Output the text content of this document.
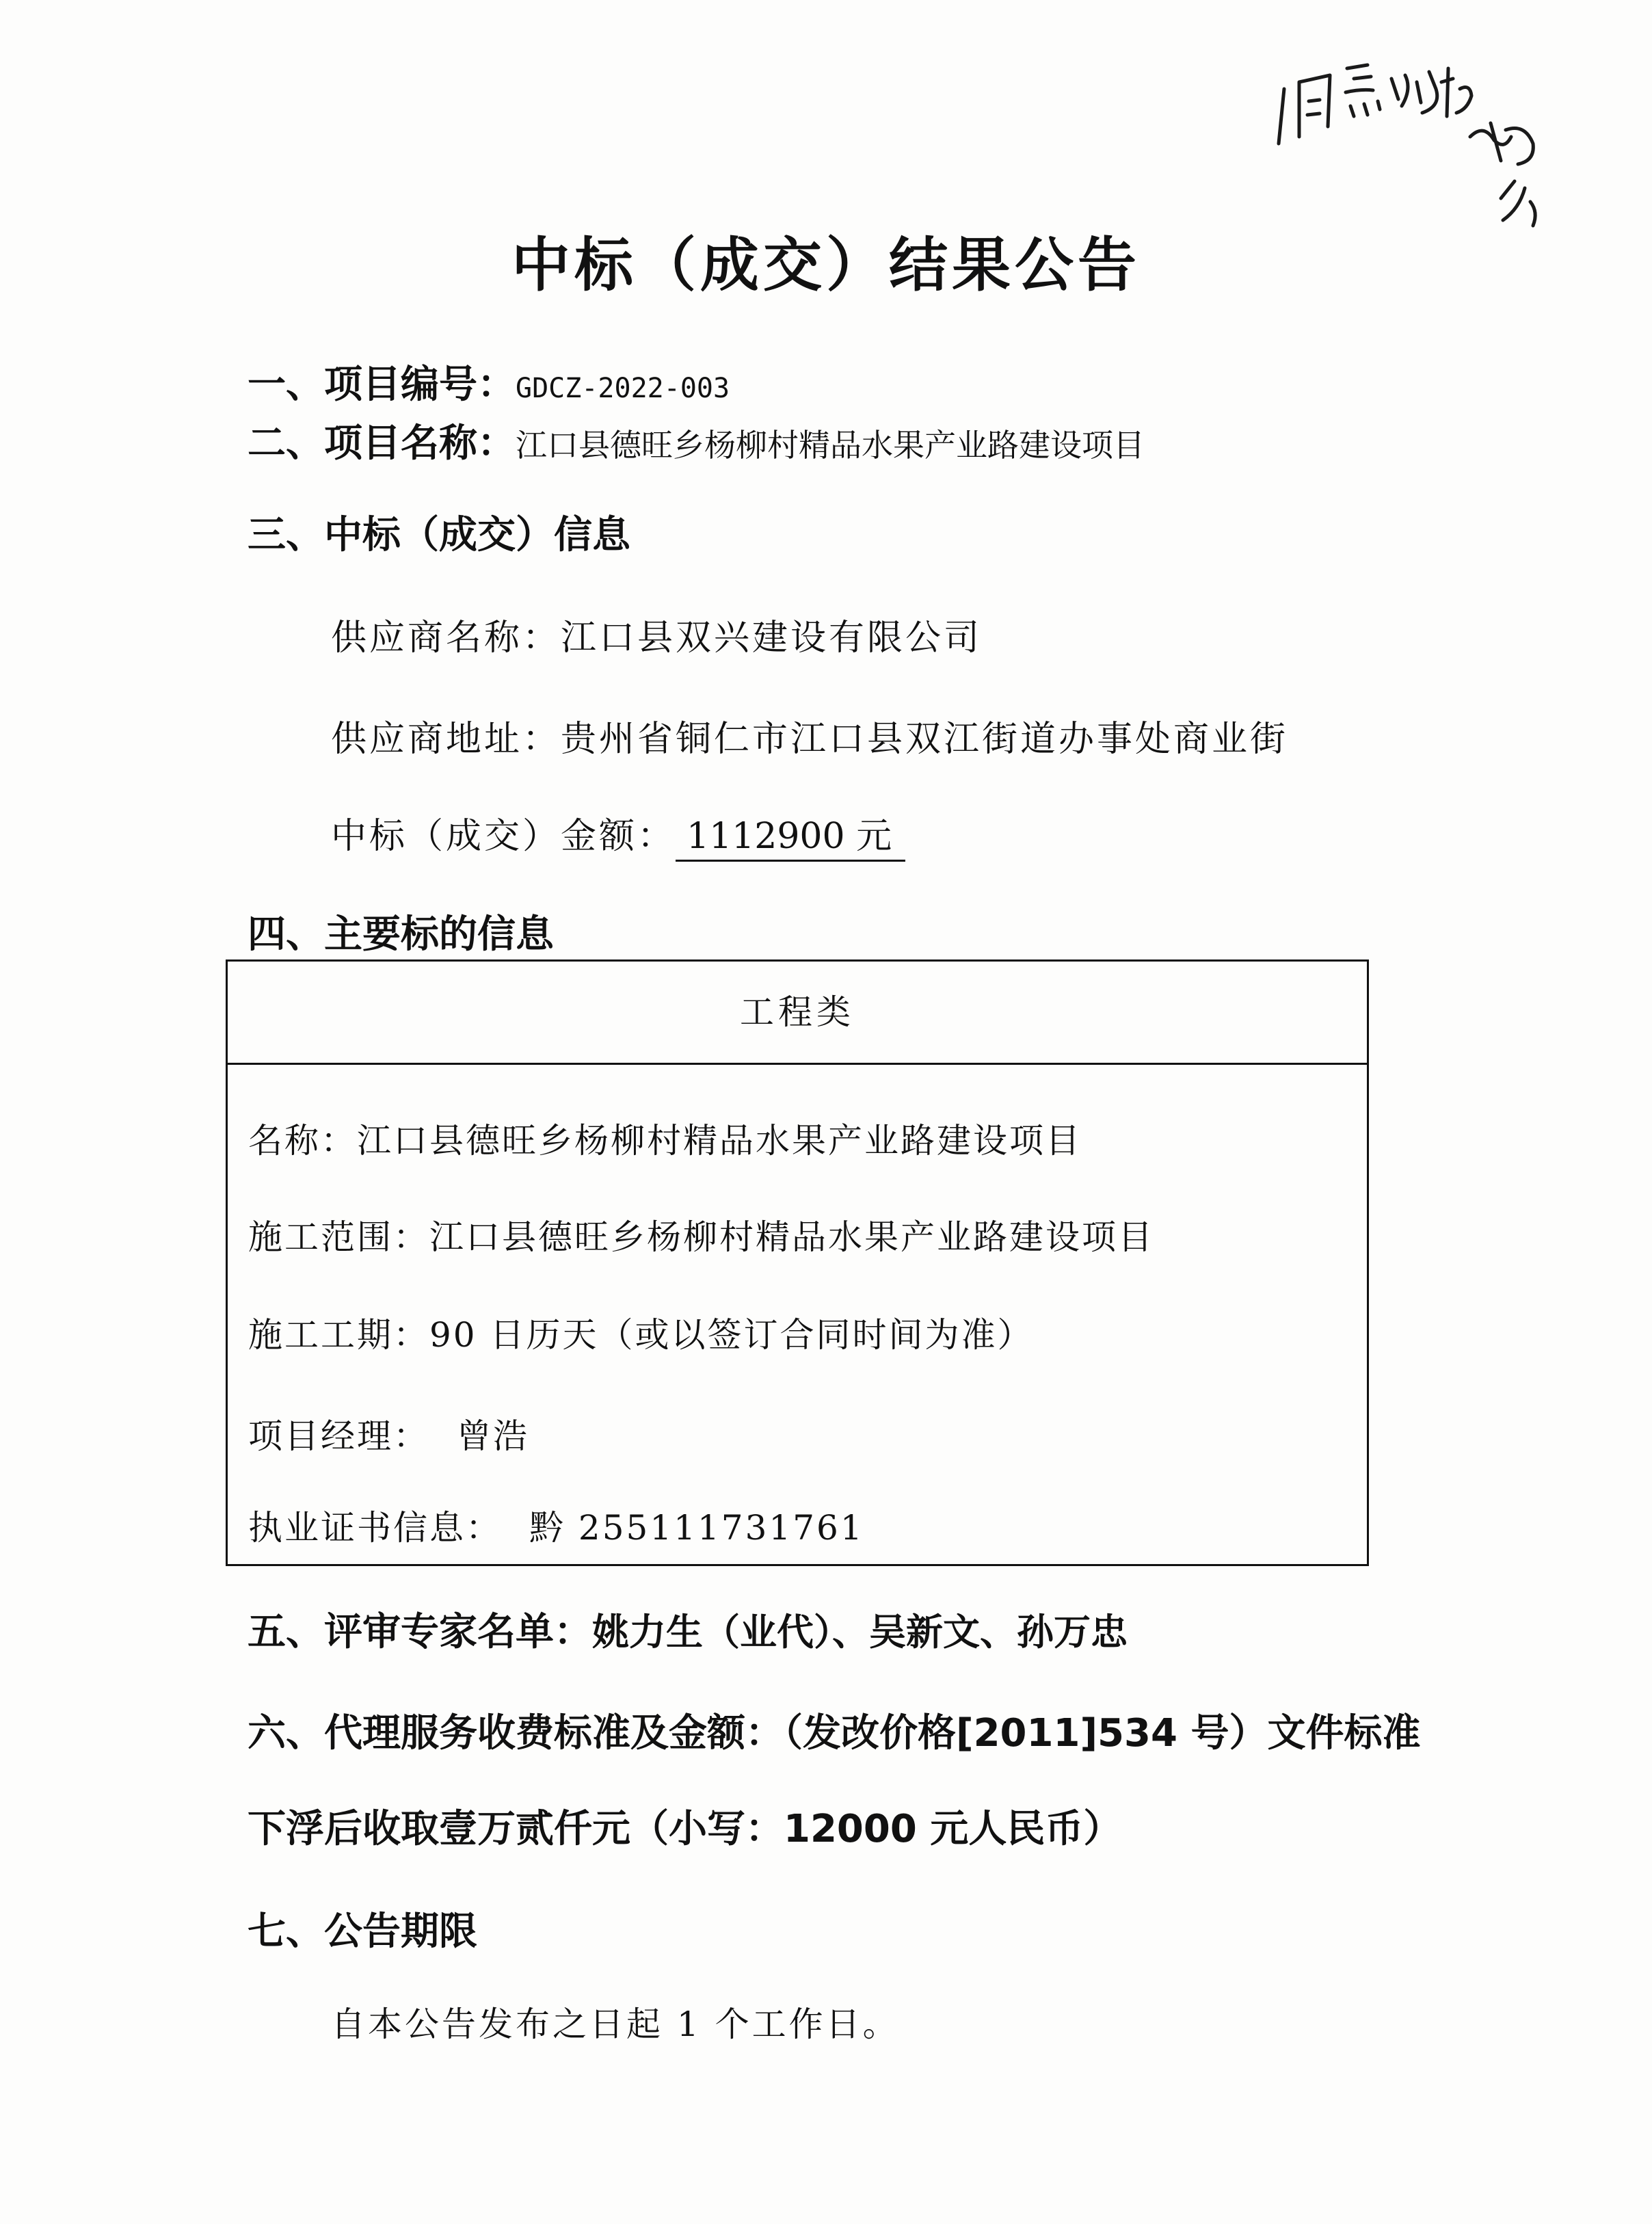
中标（成交）结果公告
一、项目编号：GDCZ-2022-003
二、项目名称：江口县德旺乡杨柳村精品水果产业路建设项目
三、中标（成交）信息
供应商名称：江口县双兴建设有限公司
供应商地址：贵州省铜仁市江口县双江街道办事处商业街
中标（成交）金额： 1112900 元
四、主要标的信息
工程类
名称：江口县德旺乡杨柳村精品水果产业路建设项目
施工范围：江口县德旺乡杨柳村精品水果产业路建设项目
施工工期：90 日历天（或以签订合同时间为准）
项目经理： 曾浩
执业证书信息： 黔 255111731761
五、评审专家名单：姚力生（业代）、吴新文、孙万忠
六、代理服务收费标准及金额：（发改价格[2011]534 号）文件标准
下浮后收取壹万贰仟元（小写：12000 元人民币）
七、公告期限
自本公告发布之日起 1 个工作日。
